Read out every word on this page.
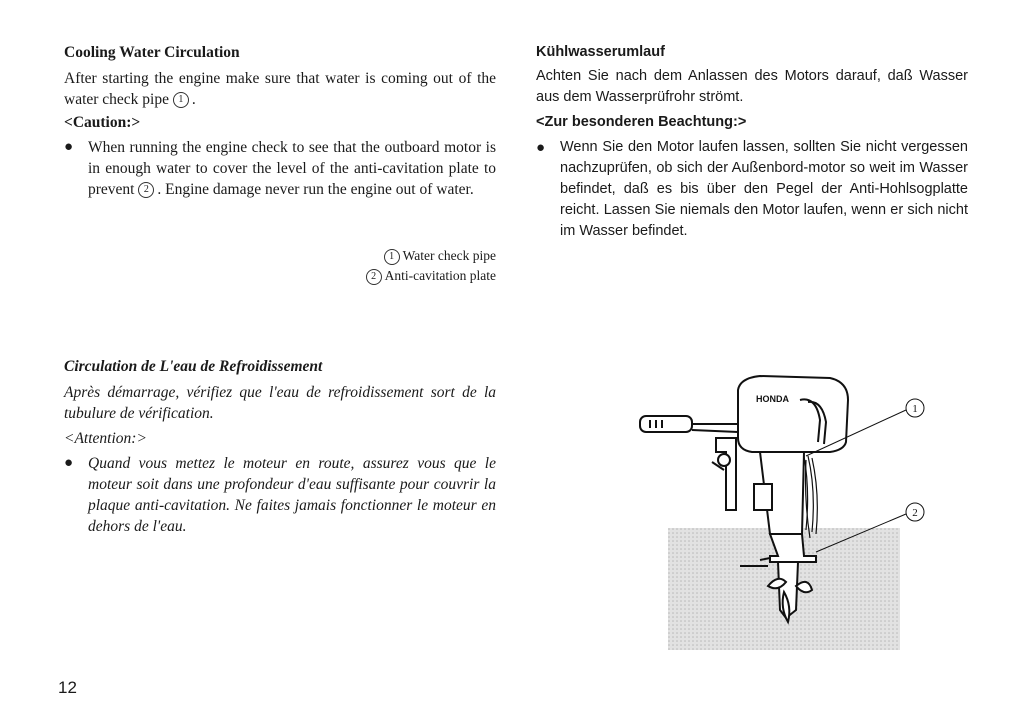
Cooling Water Circulation

After starting the engine make sure that water is coming out of the water check pipe 1 .

<Caution:>

● When running the engine check to see that the outboard motor is in enough water to cover the level of the anti-cavitation plate to prevent 2 . Engine damage never run the engine out of water.
1 Water check pipe
2 Anti-cavitation plate

Kühlwasserumlauf

Achten Sie nach dem Anlassen des Motors darauf, daß Wasser aus dem Wasserprüfrohr strömt.

<Zur besonderen Beachtung:>

● Wenn Sie den Motor laufen lassen, sollten Sie nicht vergessen nachzuprüfen, ob sich der Außenbord-motor so weit im Wasser befindet, daß es bis über den Pegel der Anti-Hohlsogplatte reicht. Lassen Sie niemals den Motor laufen, wenn er sich nicht im Wasser befindet.

Circulation de L'eau de Refroidissement

Après démarrage, vérifiez que l'eau de refroidissement sort de la tubulure de vérification.

<Attention:>

● Quand vous mettez le moteur en route, assurez vous que le moteur soit dans une profondeur d'eau suffisante pour couvrir la plaque anti-cavitation. Ne faites jamais fonctionner le moteur en dehors de l'eau.
HONDA
1
2
12
